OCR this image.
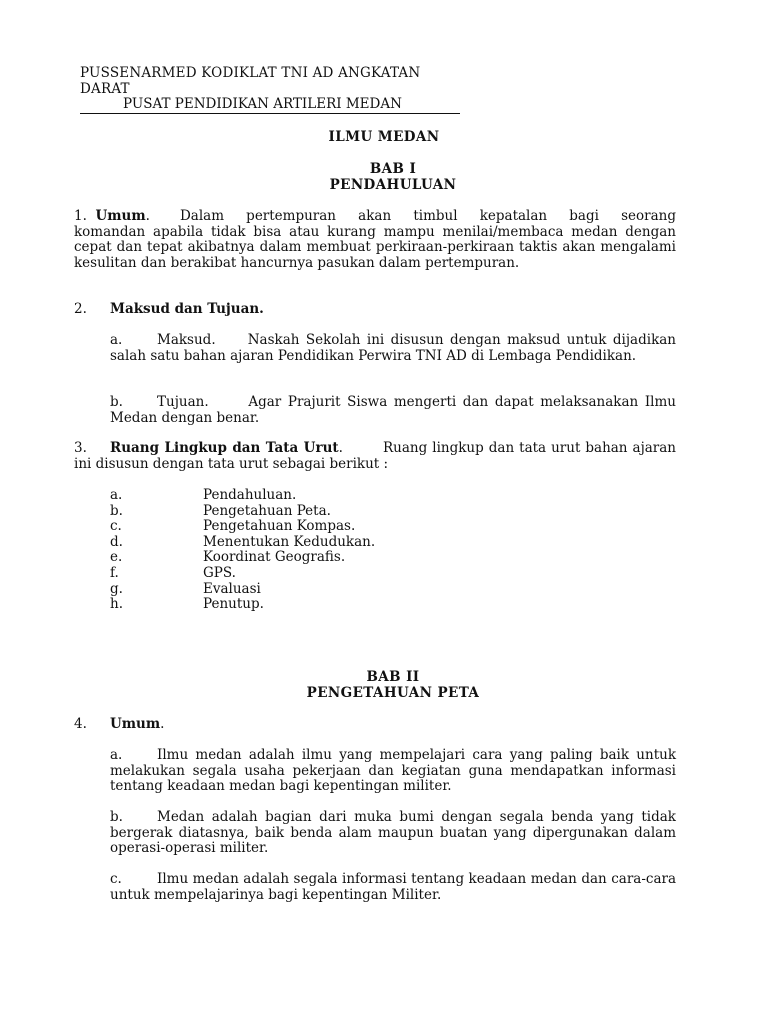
PUSSENARMED KODIKLAT TNI AD ANGKATAN DARAT
PUSAT PENDIDIKAN ARTILERI MEDAN
ILMU MEDAN
BAB I
PENDAHULUAN
1. Umum. Dalam pertempuran akan timbul kepatalan bagi seorang
komandan apabila tidak bisa atau kurang mampu menilai/membaca medan dengan cepat dan tepat akibatnya dalam membuat perkiraan-perkiraan taktis akan mengalami kesulitan dan berakibat hancurnya pasukan dalam pertempuran.
2. Maksud dan Tujuan.
a.	Maksud. Naskah Sekolah ini disusun dengan maksud untuk dijadikan salah satu bahan ajaran Pendidikan Perwira TNI AD di Lembaga Pendidikan.
b.	Tujuan.	Agar Prajurit Siswa mengerti dan dapat melaksanakan Ilmu Medan dengan benar.
3. Ruang Lingkup dan Tata Urut.        Ruang lingkup dan tata urut bahan ajaran ini disusun dengan tata urut sebagai berikut :
a.	Pendahuluan.
b.	Pengetahuan Peta.
c.	Pengetahuan Kompas.
d.	Menentukan Kedudukan.
e.	Koordinat Geografis.
f.	GPS.
g.	Evaluasi
h.	Penutup.
BAB II
PENGETAHUAN PETA
4. Umum.
a.	Ilmu medan adalah ilmu yang mempelajari cara yang paling baik untuk melakukan segala usaha pekerjaan dan kegiatan guna mendapatkan informasi tentang keadaan medan bagi kepentingan militer.
b.	Medan adalah bagian dari muka bumi dengan segala benda yang tidak bergerak diatasnya, baik benda alam maupun buatan yang dipergunakan dalam operasi-operasi militer.
c.	Ilmu medan adalah segala informasi tentang keadaan medan dan cara-cara untuk mempelajarinya bagi kepentingan Militer.
